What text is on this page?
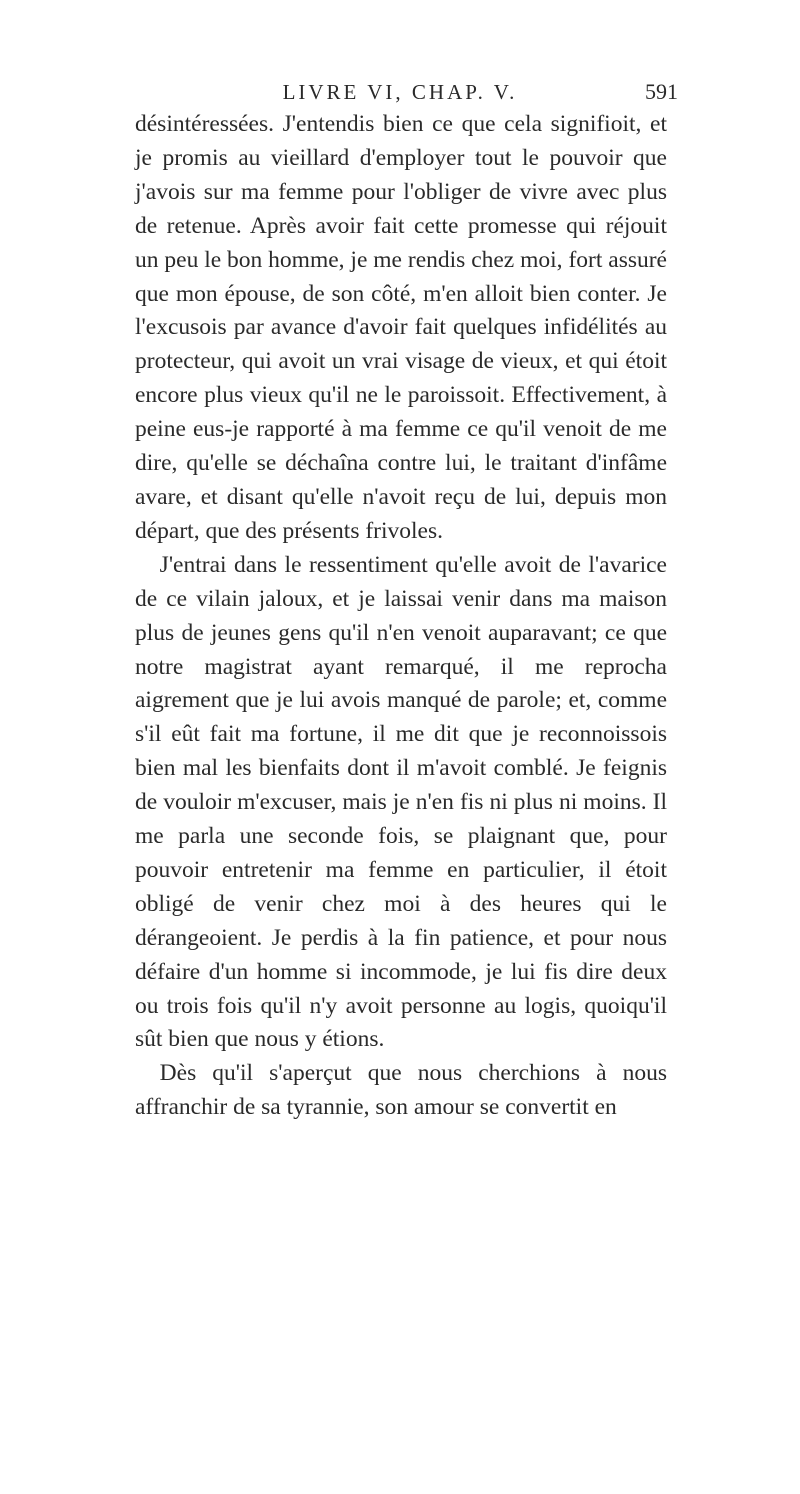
LIVRE VI, CHAP. V.	591

désintéressées. J'entendis bien ce que cela signifioit, et je promis au vieillard d'employer tout le pouvoir que j'avois sur ma femme pour l'obliger de vivre avec plus de retenue. Après avoir fait cette promesse qui réjouit un peu le bon homme, je me rendis chez moi, fort assuré que mon épouse, de son côté, m'en alloit bien conter. Je l'excusois par avance d'avoir fait quelques infidélités au protecteur, qui avoit un vrai visage de vieux, et qui étoit encore plus vieux qu'il ne le paroissoit. Effectivement, à peine eus-je rapporté à ma femme ce qu'il venoit de me dire, qu'elle se déchaîna contre lui, le traitant d'infâme avare, et disant qu'elle n'avoit reçu de lui, depuis mon départ, que des présents frivoles.

J'entrai dans le ressentiment qu'elle avoit de l'avarice de ce vilain jaloux, et je laissai venir dans ma maison plus de jeunes gens qu'il n'en venoit auparavant; ce que notre magistrat ayant remarqué, il me reprocha aigrement que je lui avois manqué de parole; et, comme s'il eût fait ma fortune, il me dit que je reconnoissois bien mal les bienfaits dont il m'avoit comblé. Je feignis de vouloir m'excuser, mais je n'en fis ni plus ni moins. Il me parla une seconde fois, se plaignant que, pour pouvoir entretenir ma femme en particulier, il étoit obligé de venir chez moi à des heures qui le dérangeoient. Je perdis à la fin patience, et pour nous défaire d'un homme si incommode, je lui fis dire deux ou trois fois qu'il n'y avoit personne au logis, quoiqu'il sût bien que nous y étions.

Dès qu'il s'aperçut que nous cherchions à nous affranchir de sa tyrannie, son amour se convertit en
